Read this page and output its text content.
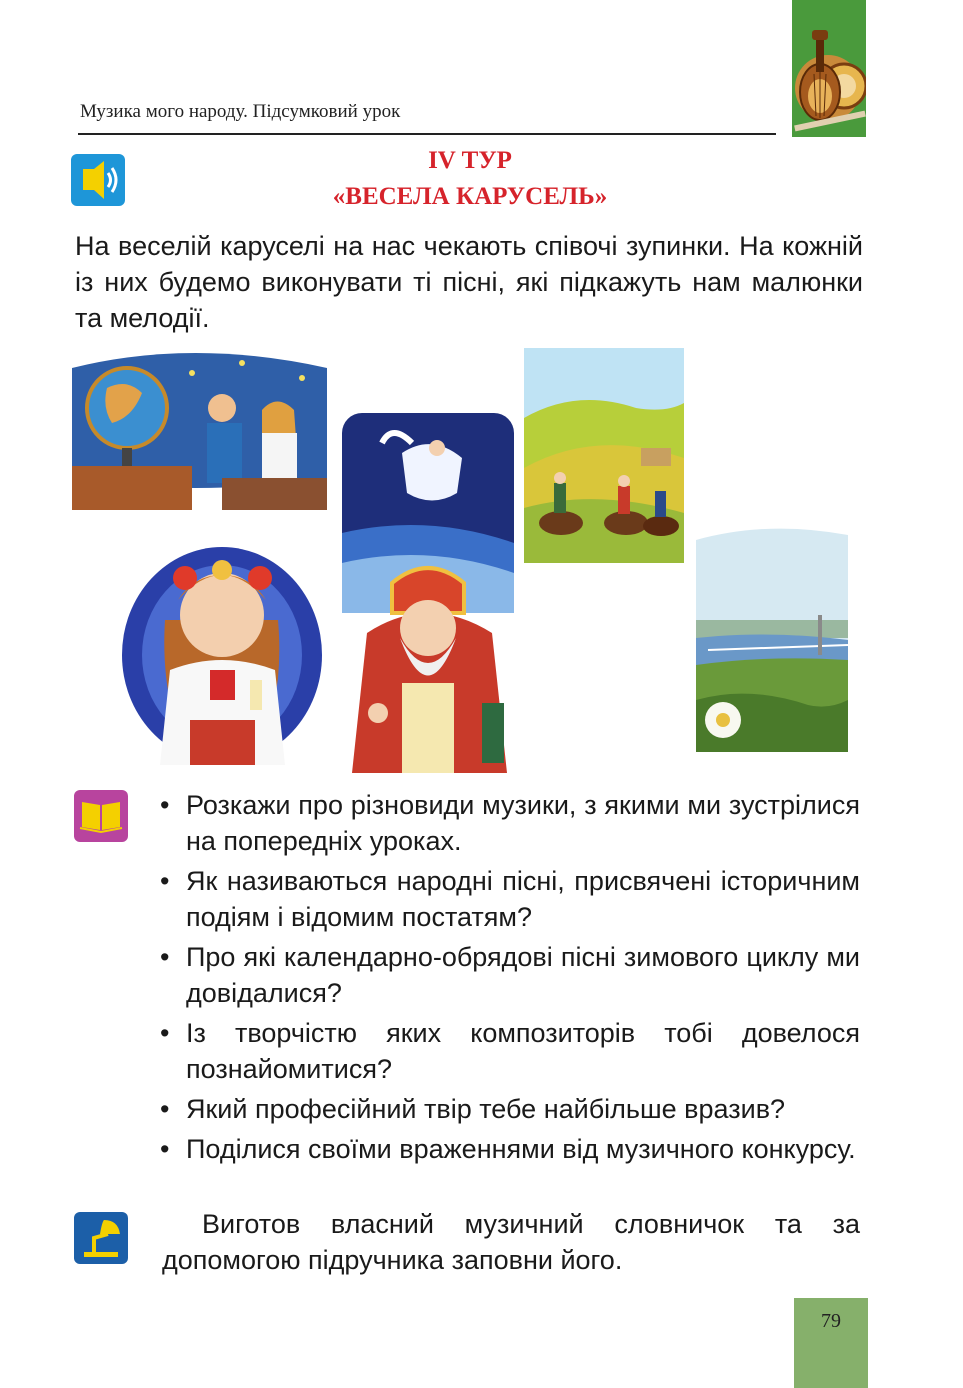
Музика мого народу. Підсумковий урок
IV ТУР
«ВЕСЕЛА КАРУСЕЛЬ»
На веселій каруселі на нас чекають співочі зупинки. На кожній із них будемо виконувати ті пісні, які підкажуть нам малюнки та мелодії.
• Розкажи про різновиди музики, з якими ми зустрілися на попередніх уроках.
• Як називаються народні пісні, присвячені історичним подіям і відомим постатям?
• Про які календарно-обрядові пісні зимового циклу ми довідалися?
• Із творчістю яких композиторів тобі довелося познайомитися?
• Який професійний твір тебе найбільше вразив?
• Поділися своїми враженнями від музичного конкурсу.
Виготов власний музичний словничок та за допомогою підручника заповни його.
79
